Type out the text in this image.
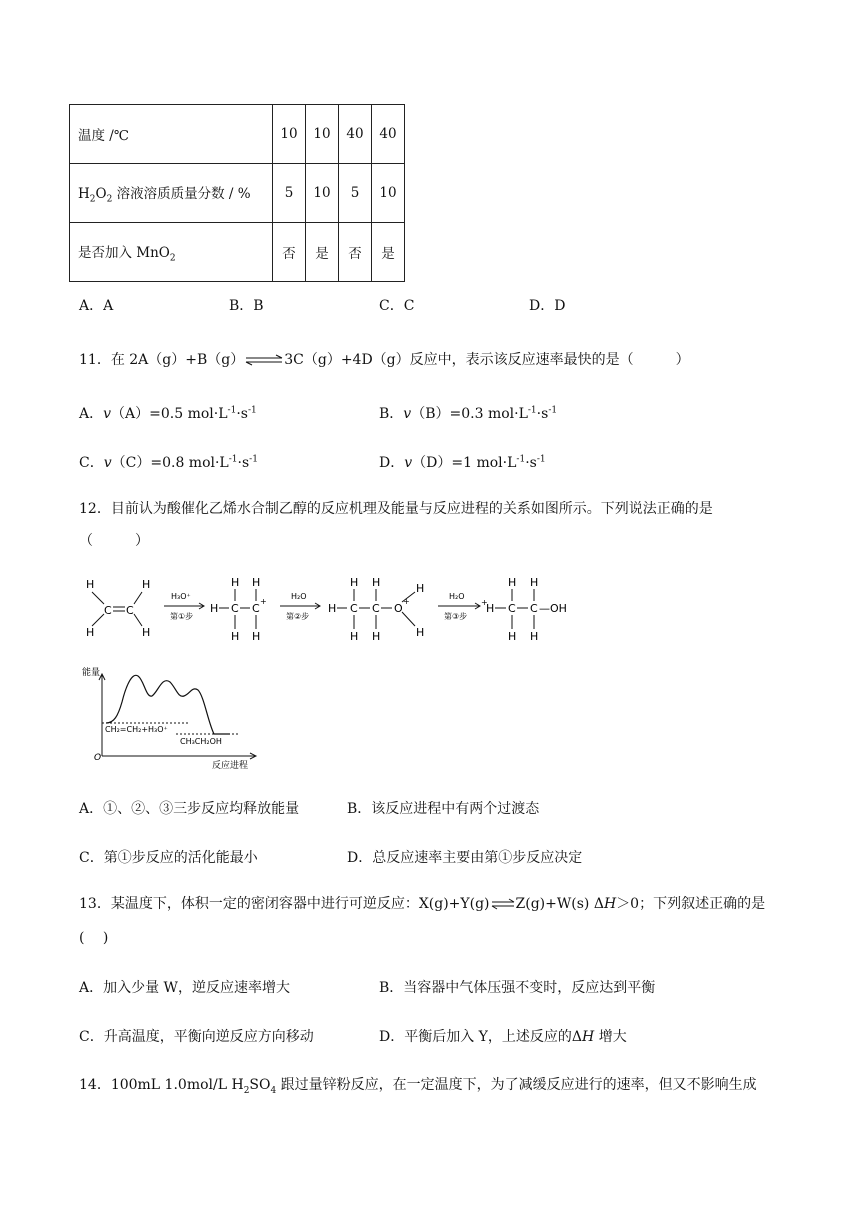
温度 /℃	10	10	40	40
$H_2O_2$ 溶液溶质质量分数 / %	5	10	5	10
是否加入 MnO$_2$	否	是	否	是
A．A	B．B	C．C	D．D
11．在 2A（g）+B（g）⇌3C（g）+4D（g）反应中，表示该反应速率最快的是（　　　）
A．v（A）=0.5 $mol\cdot L^{-1}\cdot s^{-1}$	B．v（B）=0.3 $mol\cdot L^{-1}\cdot s^{-1}$
C．v（C）=0.8 $mol\cdot L^{-1}\cdot s^{-1}$	D．v（D）=1 $mol\cdot L^{-1}\cdot s^{-1}$
12．目前认为酸催化乙烯水合制乙醇的反应机理及能量与反应进程的关系如图所示。下列说法正确的是
（　　　）
H	H
H	H
C C
H₃O⁺
第①步
H C C
+
H H
H H
H₂O
第②步
H C C O
+
H H
H H
H
H
H₂O
第③步
+
H C C —OH
H H
H H
能量
O
反应进程
CH₂=CH₂+H₃O⁺
CH₃CH₂OH
A．①、②、③三步反应均释放能量	B．该反应进程中有两个过渡态
C．第①步反应的活化能最小	D．总反应速率主要由第①步反应决定
13．某温度下，体积一定的密闭容器中进行可逆反应：X(g)+Y(g)⇌Z(g)+W(s) ΔH＞0；下列叙述正确的是
(　 )
A．加入少量 W，逆反应速率增大	B．当容器中气体压强不变时，反应达到平衡
C．升高温度，平衡向逆反应方向移动	D．平衡后加入 Y，上述反应的ΔH 增大
14．100mL 1.0mol/L $H_2SO_4$ 跟过量锌粉反应，在一定温度下，为了减缓反应进行的速率，但又不影响生成
